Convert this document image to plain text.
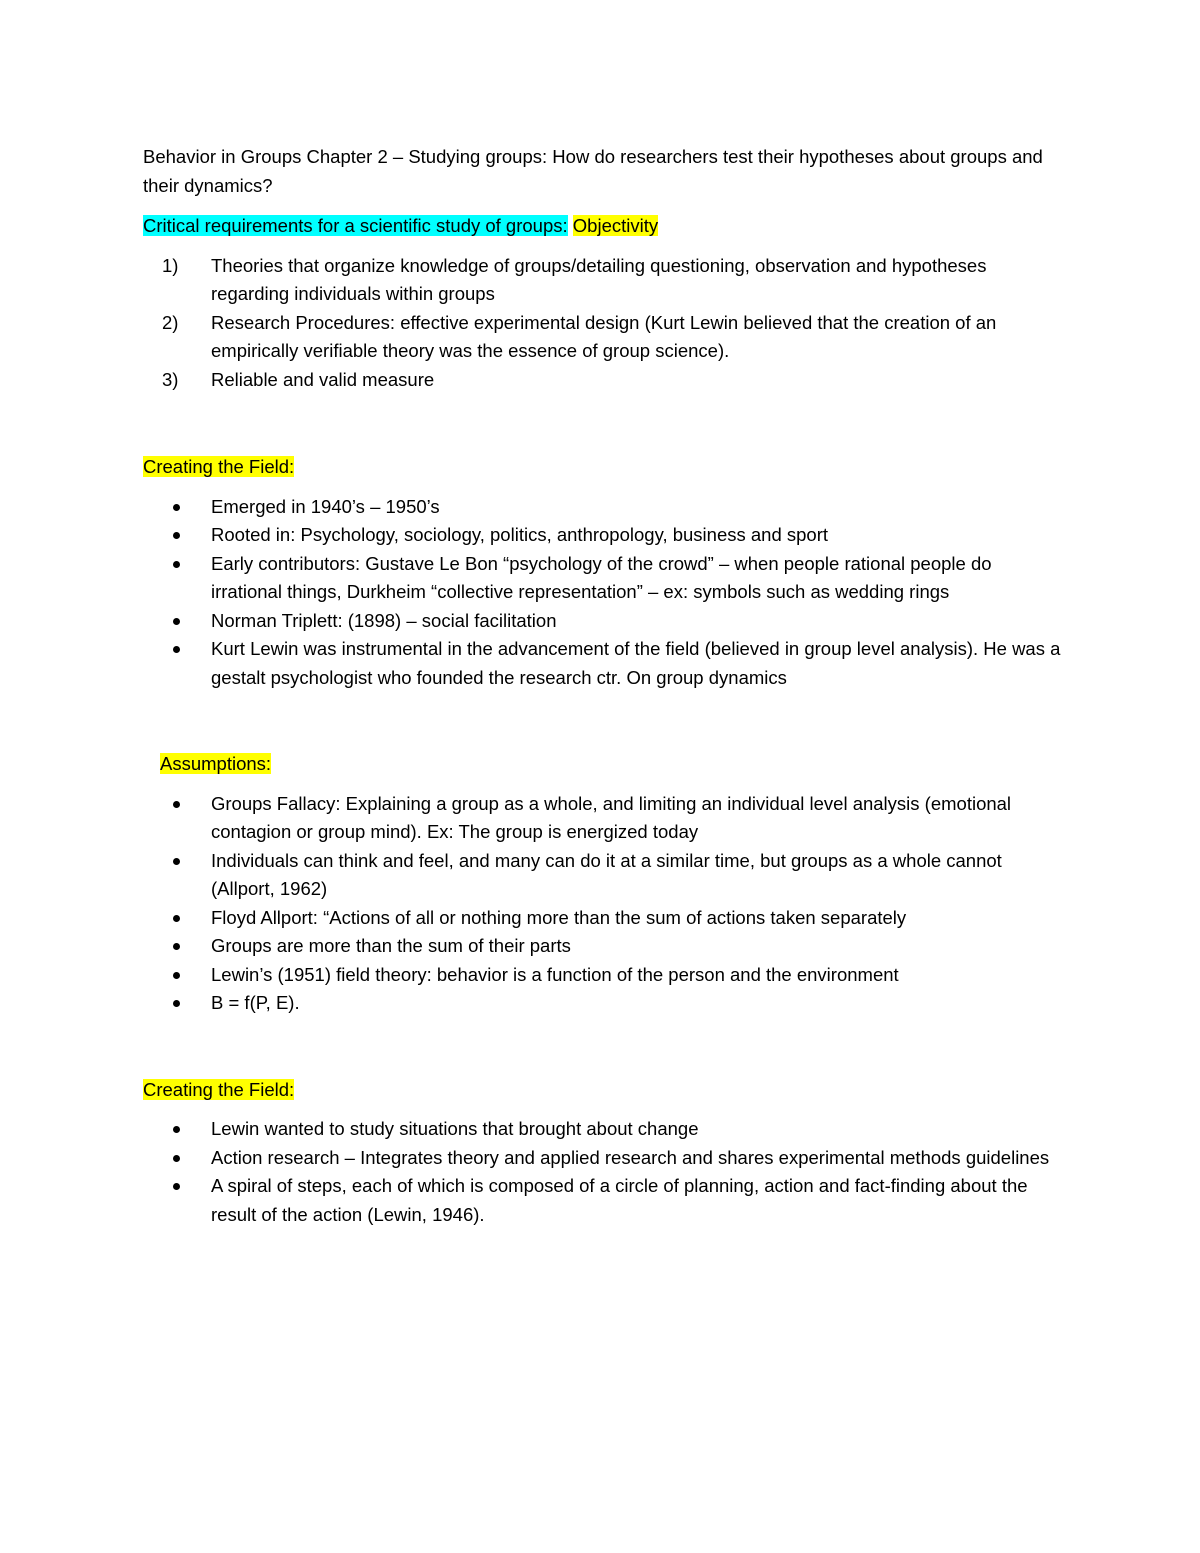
Behavior in Groups Chapter 2 – Studying groups: How do researchers test their hypotheses about groups and their dynamics?

Critical requirements for a scientific study of groups: Objectivity

1) Theories that organize knowledge of groups/detailing questioning, observation and hypotheses regarding individuals within groups
2) Research Procedures: effective experimental design (Kurt Lewin believed that the creation of an empirically verifiable theory was the essence of group science).
3) Reliable and valid measure

Creating the Field:

Emerged in 1940’s – 1950’s
Rooted in: Psychology, sociology, politics, anthropology, business and sport
Early contributors: Gustave Le Bon “psychology of the crowd” – when people rational people do irrational things, Durkheim “collective representation” – ex: symbols such as wedding rings
Norman Triplett: (1898) – social facilitation
Kurt Lewin was instrumental in the advancement of the field (believed in group level analysis). He was a gestalt psychologist who founded the research ctr. On group dynamics

Assumptions:

Groups Fallacy: Explaining a group as a whole, and limiting an individual level analysis (emotional contagion or group mind). Ex: The group is energized today
Individuals can think and feel, and many can do it at a similar time, but groups as a whole cannot (Allport, 1962)
Floyd Allport: “Actions of all or nothing more than the sum of actions taken separately
Groups are more than the sum of their parts
Lewin’s (1951) field theory: behavior is a function of the person and the environment
B = f(P, E).

Creating the Field:

Lewin wanted to study situations that brought about change
Action research – Integrates theory and applied research and shares experimental methods guidelines
A spiral of steps, each of which is composed of a circle of planning, action and fact-finding about the result of the action (Lewin, 1946).
